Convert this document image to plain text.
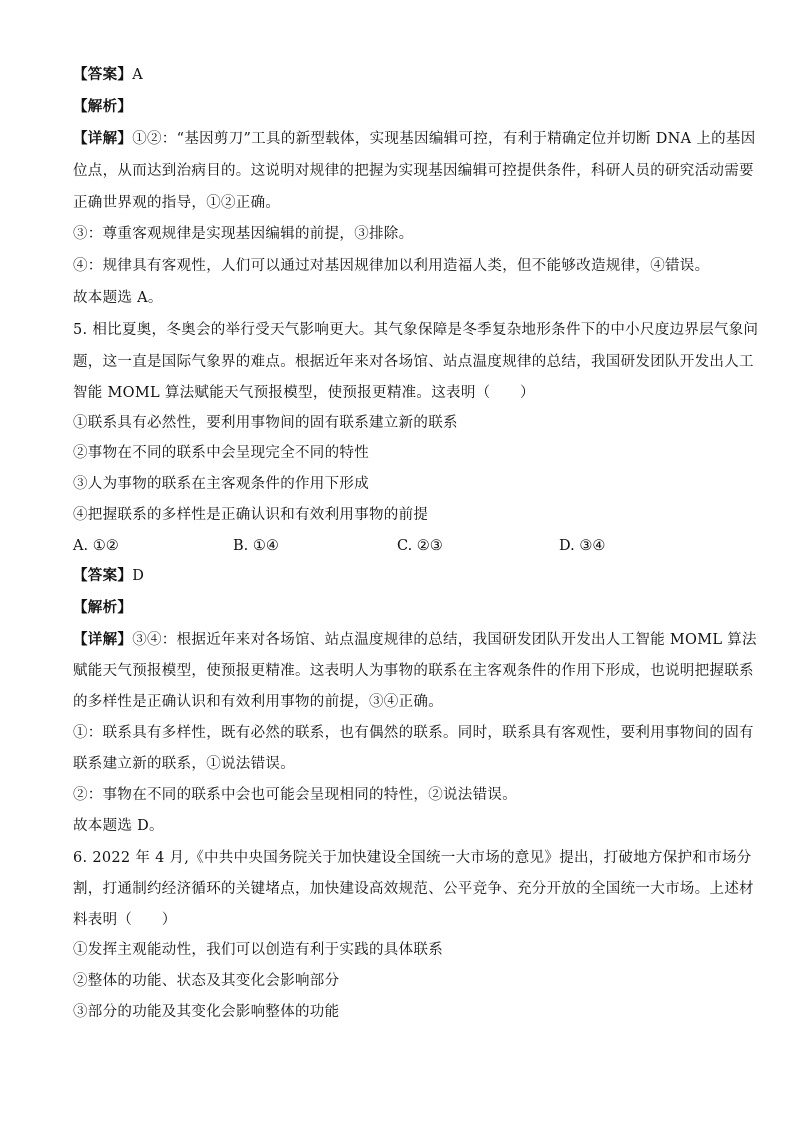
【答案】A
【解析】
【详解】①②：“基因剪刀”工具的新型载体，实现基因编辑可控，有利于精确定位并切断 DNA 上的基因
位点，从而达到治病目的。这说明对规律的把握为实现基因编辑可控提供条件，科研人员的研究活动需要
正确世界观的指导，①②正确。
③：尊重客观规律是实现基因编辑的前提，③排除。
④：规律具有客观性，人们可以通过对基因规律加以利用造福人类，但不能够改造规律，④错误。
故本题选 A。
5. 相比夏奥，冬奥会的举行受天气影响更大。其气象保障是冬季复杂地形条件下的中小尺度边界层气象问
题，这一直是国际气象界的难点。根据近年来对各场馆、站点温度规律的总结，我国研发团队开发出人工
智能 MOML 算法赋能天气预报模型，使预报更精准。这表明（　　）
①联系具有必然性，要利用事物间的固有联系建立新的联系
②事物在不同的联系中会呈现完全不同的特性
③人为事物的联系在主客观条件的作用下形成
④把握联系的多样性是正确认识和有效利用事物的前提
A. ①②	B. ①④	C. ②③	D. ③④
【答案】D
【解析】
【详解】③④：根据近年来对各场馆、站点温度规律的总结，我国研发团队开发出人工智能 MOML 算法
赋能天气预报模型，使预报更精准。这表明人为事物的联系在主客观条件的作用下形成，也说明把握联系
的多样性是正确认识和有效利用事物的前提，③④正确。
①：联系具有多样性，既有必然的联系，也有偶然的联系。同时，联系具有客观性，要利用事物间的固有
联系建立新的联系，①说法错误。
②：事物在不同的联系中会也可能会呈现相同的特性，②说法错误。
故本题选 D。
6. 2022 年 4 月,《中共中央国务院关于加快建设全国统一大市场的意见》提出，打破地方保护和市场分
割，打通制约经济循环的关键堵点，加快建设高效规范、公平竞争、充分开放的全国统一大市场。上述材
料表明（　　）
①发挥主观能动性，我们可以创造有利于实践的具体联系
②整体的功能、状态及其变化会影响部分
③部分的功能及其变化会影响整体的功能
